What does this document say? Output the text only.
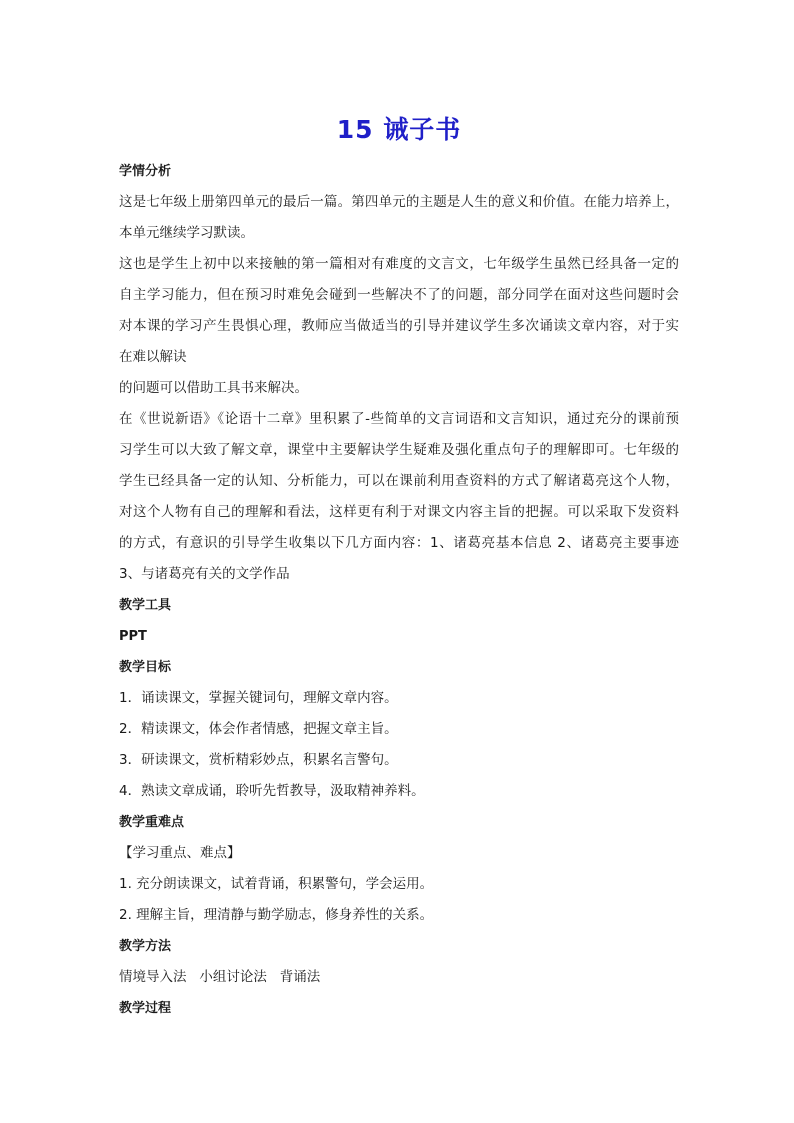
15 诫子书
学情分析
这是七年级上册第四单元的最后一篇。第四单元的主题是人生的意义和价值。在能力培养上，
本单元继续学习默读。
这也是学生上初中以来接触的第一篇相对有难度的文言文，七年级学生虽然已经具备一定的
自主学习能力，但在预习时难免会碰到一些解决不了的问题，部分同学在面对这些问题时会
对本课的学习产生畏惧心理，教师应当做适当的引导并建议学生多次诵读文章内容，对于实
在难以解诀
的问题可以借助工具书来解决。
在《世说新语》《论语十二章》里积累了-些简单的文言词语和文言知识，通过充分的课前预
习学生可以大致了解文章，课堂中主要解诀学生疑难及强化重点句子的理解即可。七年级的
学生已经具备一定的认知、分析能力，可以在课前利用查资料的方式了解诸葛亮这个人物，
对这个人物有自己的理解和看法，这样更有利于对课文内容主旨的把握。可以采取下发资料
的方式，有意识的引导学生收集以下几方面内容：1、诸葛亮基本信息 2、诸葛亮主要事迹
3、与诸葛亮有关的文学作品
教学工具
PPT
教学目标
1．诵读课文，掌握关键词句，理解文章内容。
2．精读课文，体会作者情感，把握文章主旨。
3．研读课文，赏析精彩妙点，积累名言警句。
4．熟读文章成诵，聆听先哲教导，汲取精神养料。
教学重难点
【学习重点、难点】
1. 充分朗读课文，试着背诵，积累警句，学会运用。
2. 理解主旨，理清静与勤学励志，修身养性的关系。
教学方法
情境导入法   小组讨论法   背诵法
教学过程
